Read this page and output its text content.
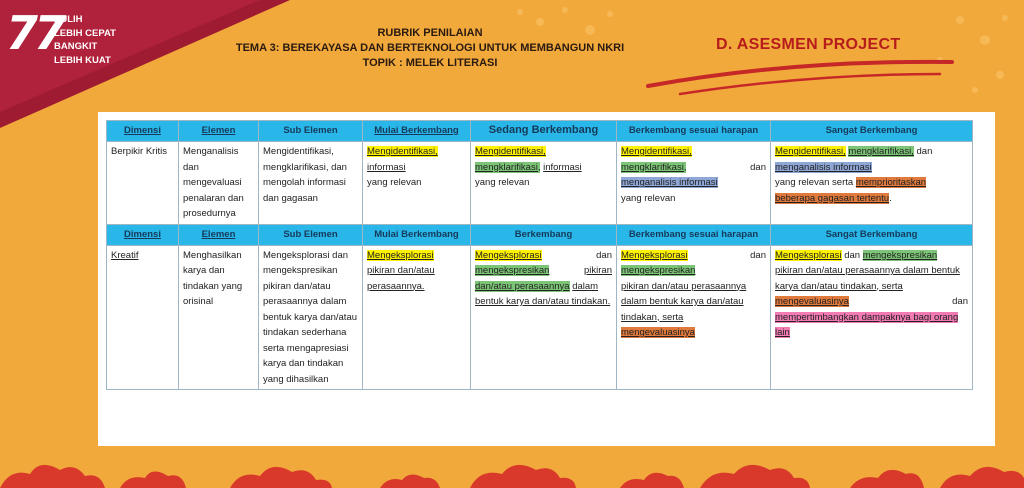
77
PULIH
LEBIH CEPAT
BANGKIT
LEBIH KUAT
RUBRIK PENILAIAN
TEMA 3: BEREKAYASA DAN BERTEKNOLOGI UNTUK MEMBANGUN NKRI
TOPIK : MELEK LITERASI
D. ASESMEN PROJECT
Dimensi	Elemen	Sub Elemen	Mulai Berkembang	Sedang Berkembang	Berkembang sesuai harapan	Sangat Berkembang
Berpikir Kritis	Menganalisis dan mengevaluasi penalaran dan prosedurnya	Mengidentifikasi, mengklarifikasi, dan mengolah informasi dan gagasan	Mengidentifikasi,
informasi
yang relevan	Mengidentifikasi,
mengklarifikasi, informasi
yang relevan	Mengidentifikasi,
mengklarifikasi, dan

menganalisis informasi
yang relevan	Mengidentifikasi, mengklarifikasi, dan
menganalisis informasi
yang relevan serta memprioritaskan beberapa gagasan tertentu.
Dimensi	Elemen	Sub Elemen	Mulai Berkembang	Berkembang	Berkembang sesuai harapan	Sangat Berkembang
Kreatif	Menghasilkan karya dan tindakan yang orisinal	Mengeksplorasi dan mengekspresikan pikiran dan/atau perasaannya dalam bentuk karya dan/atau tindakan sederhana serta mengapresiasi karya dan tindakan yang dihasilkan	Mengeksplorasi
pikiran dan/atau perasaannya.	Mengeksplorasi dan

mengekspresikan pikiran

dan/atau perasaannya dalam bentuk karya dan/atau tindakan.	Mengeksplorasi dan

mengekspresikan
pikiran dan/atau perasaannya dalam bentuk karya dan/atau tindakan, serta
mengevaluasinya	Mengeksplorasi dan mengekspresikan
pikiran dan/atau perasaannya dalam bentuk karya dan/atau tindakan, serta
mengevaluasinya dan

mempertimbangkan dampaknya bagi orang lain
